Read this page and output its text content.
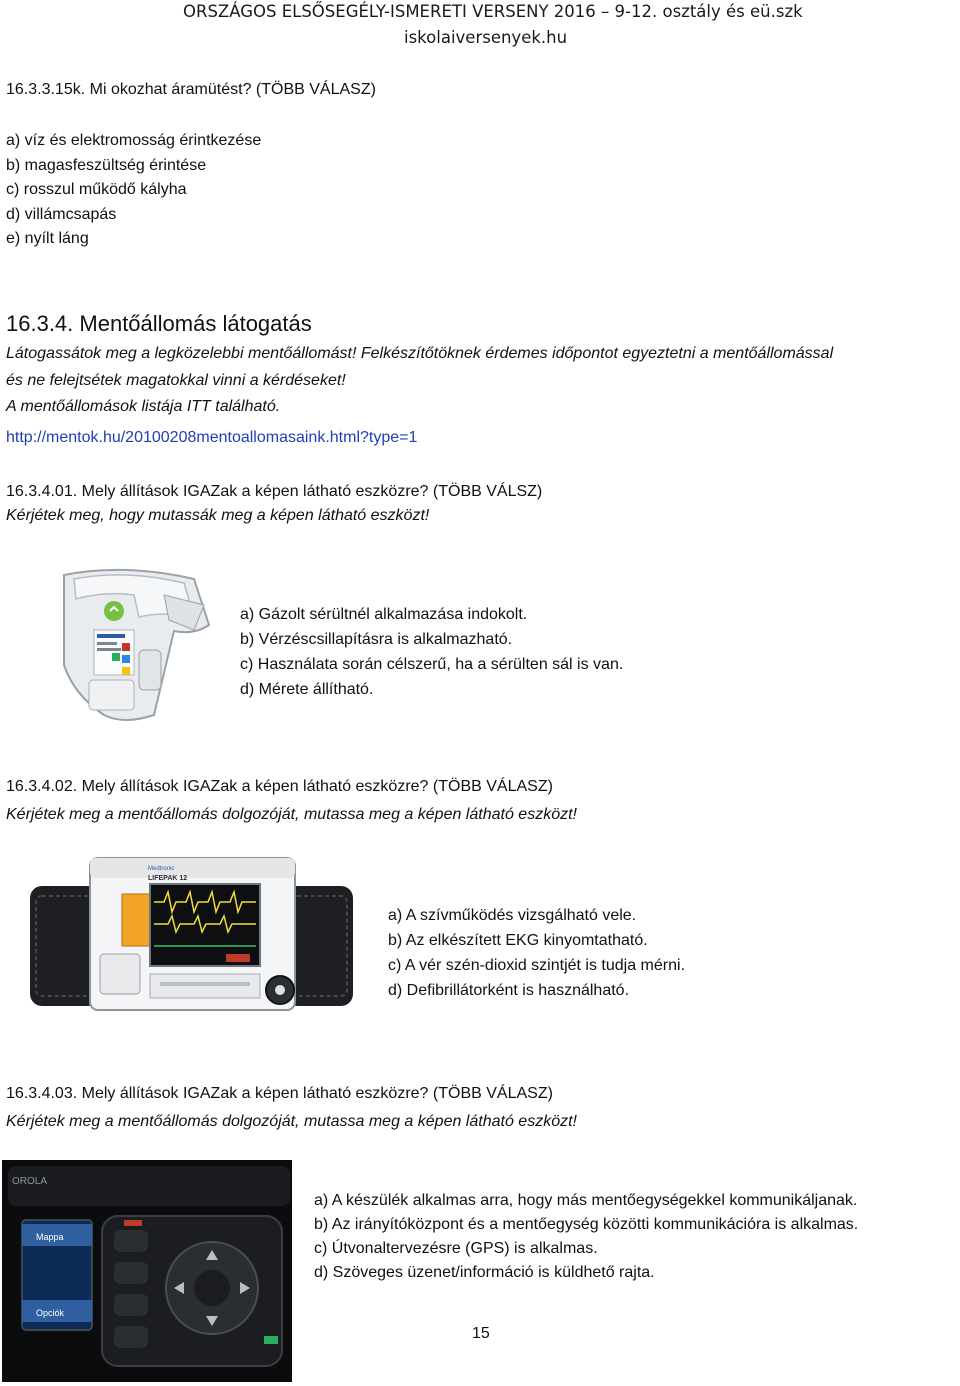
ORSZÁGOS ELSŐSEGÉLY-ISMERETI VERSENY 2016 – 9-12. osztály és eü.szk
iskolaiversenyek.hu
16.3.3.15k. Mi okozhat áramütést? (TÖBB VÁLASZ)
a) víz és elektromosság érintkezése
b) magasfeszültség érintése
c) rosszul működő kályha
d) villámcsapás
e) nyílt láng
16.3.4. Mentőállomás látogatás
Látogassátok meg a legközelebbi mentőállomást! Felkészítőtöknek érdemes időpontot egyeztetni a mentőállomással
és ne felejtsétek magatokkal vinni a kérdéseket!
A mentőállomások listája ITT található.
http://mentok.hu/20100208mentoallomasaink.html?type=1
16.3.4.01. Mely állítások IGAZak a képen látható eszközre? (TÖBB VÁLSZ)
Kérjétek meg, hogy mutassák meg a képen látható eszközt!
a) Gázolt sérültnél alkalmazása indokolt.
b) Vérzéscsillapításra is alkalmazható.
c) Használata során célszerű, ha a sérülten sál is van.
d) Mérete állítható.
16.3.4.02. Mely állítások IGAZak a képen látható eszközre? (TÖBB VÁLASZ)
Kérjétek meg a mentőállomás dolgozóját, mutassa meg a képen látható eszközt!
Medtronic
LIFEPAK 12
a) A szívműködés vizsgálható vele.
b) Az elkészített EKG kinyomtatható.
c) A vér szén-dioxid szintjét is tudja mérni.
d) Defibrillátorként is használható.
16.3.4.03. Mely állítások IGAZak a képen látható eszközre? (TÖBB VÁLASZ)
Kérjétek meg a mentőállomás dolgozóját, mutassa meg a képen látható eszközt!
OROLA
Mappa
Opciók
a) A készülék alkalmas arra, hogy más mentőegységekkel kommunikáljanak.
b) Az irányítóközpont és a mentőegység közötti kommunikációra is alkalmas.
c) Útvonaltervezésre (GPS) is alkalmas.
d) Szöveges üzenet/információ is küldhető rajta.
15
